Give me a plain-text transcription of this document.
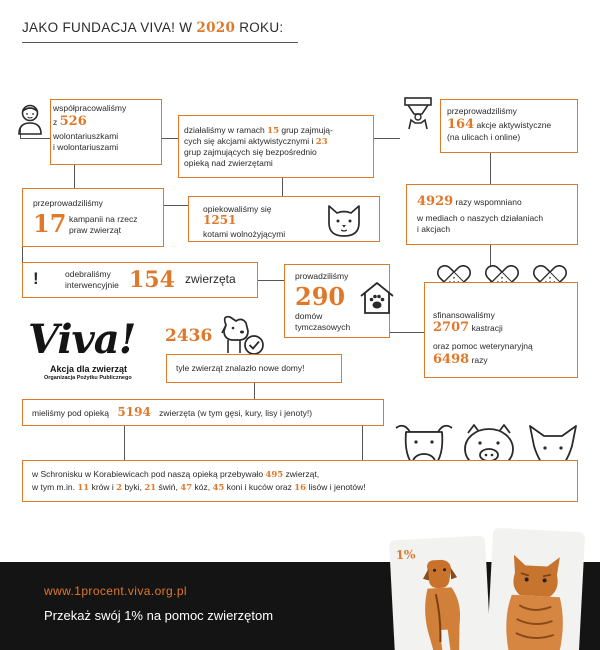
JAKO FUNDACJA VIVA! W 2020 ROKU:
współpracowaliśmy
z 526
wolontariuszkami
i wolontariuszami
działaliśmy w ramach 15 grup zajmują-
cych się akcjami aktywistycznymi i 23
grup zajmujących się bezpośrednio
opieką nad zwierzętami
przeprowadziliśmy
164 akcje aktywistyczne
(na ulicach i online)
przeprowadziliśmy
17 kampanii na rzecz
praw zwierząt
opiekowaliśmy się
1251
kotami wolnożyjącymi
4929 razy wspomniano
w mediach o naszych działaniach
i akcjach
!	odebraliśmy
interwencyjnie 154 zwierzęta	prowadziliśmy
290
domów
tymczasowych
sfinansowaliśmy
2707 kastracji
oraz pomoc weterynaryjną
6498 razy
Viva!
Akcja dla zwierząt
Organizacja Pożytku Publicznego
2436
tyle zwierząt znalazło nowe domy!
mieliśmy pod opieką 5194 zwierzęta (w tym gęsi, kury, lisy i jenoty!)
w Schronisku w Korabiewicach pod naszą opieką przebywało 495 zwierząt,
w tym m.in. 11 krów i 2 byki, 21 świń, 47 kóz, 45 koni i kuców oraz 16 lisów i jenotów!
www.1procent.viva.org.pl
Przekaż swój 1% na pomoc zwierzętom
1%
